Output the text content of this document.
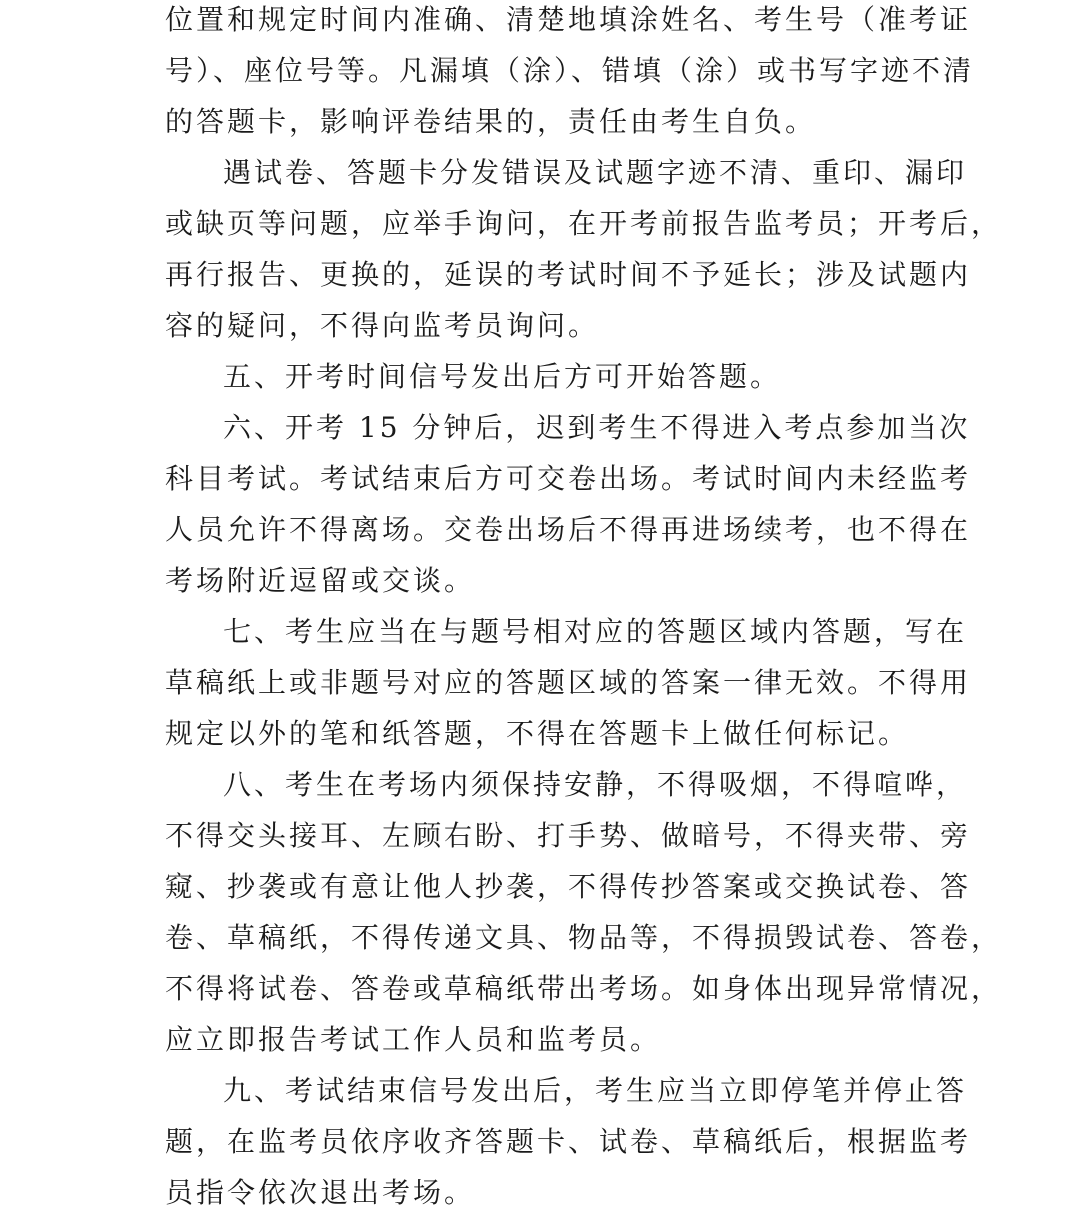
位置和规定时间内准确、清楚地填涂姓名、考生号（准考证
号）、座位号等。凡漏填（涂）、错填（涂）或书写字迹不清
的答题卡，影响评卷结果的，责任由考生自负。
遇试卷、答题卡分发错误及试题字迹不清、重印、漏印
或缺页等问题，应举手询问，在开考前报告监考员；开考后，
再行报告、更换的，延误的考试时间不予延长；涉及试题内
容的疑问，不得向监考员询问。
五、开考时间信号发出后方可开始答题。
六、开考 15 分钟后，迟到考生不得进入考点参加当次
科目考试。考试结束后方可交卷出场。考试时间内未经监考
人员允许不得离场。交卷出场后不得再进场续考，也不得在
考场附近逗留或交谈。
七、考生应当在与题号相对应的答题区域内答题，写在
草稿纸上或非题号对应的答题区域的答案一律无效。不得用
规定以外的笔和纸答题，不得在答题卡上做任何标记。
八、考生在考场内须保持安静，不得吸烟，不得喧哗，
不得交头接耳、左顾右盼、打手势、做暗号，不得夹带、旁
窥、抄袭或有意让他人抄袭，不得传抄答案或交换试卷、答
卷、草稿纸，不得传递文具、物品等，不得损毁试卷、答卷，
不得将试卷、答卷或草稿纸带出考场。如身体出现异常情况，
应立即报告考试工作人员和监考员。
九、考试结束信号发出后，考生应当立即停笔并停止答
题，在监考员依序收齐答题卡、试卷、草稿纸后，根据监考
员指令依次退出考场。
